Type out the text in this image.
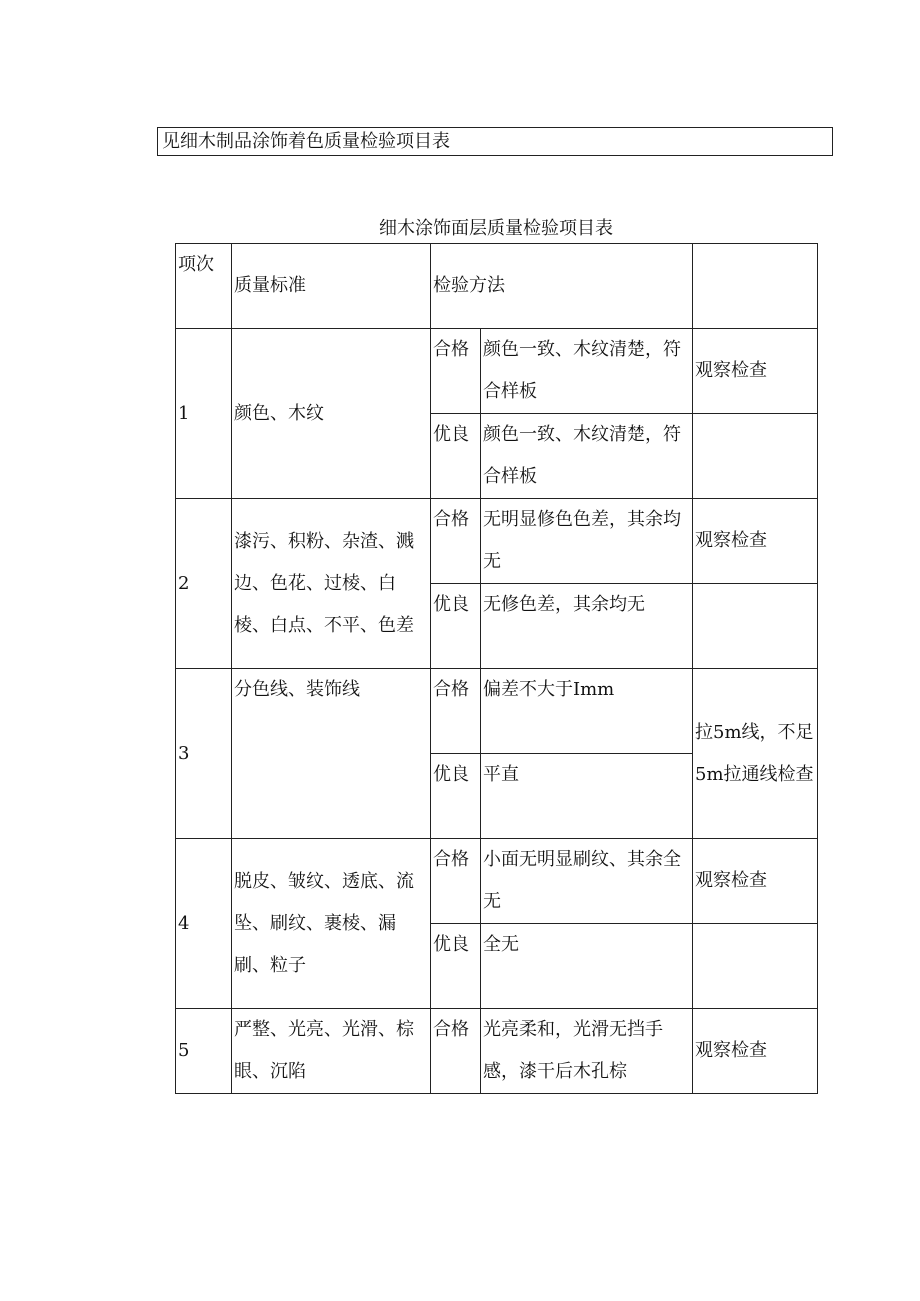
见细木制品涂饰着色质量检验项目表
细木涂饰面层质量检验项目表
项次	质量标准	检验方法		
1	颜色、木纹	合格	颜色一致、木纹清楚，符合样板	观察检查
		优良	颜色一致、木纹清楚，符合样板	
2	漆污、积粉、杂渣、溅边、色花、过棱、白棱、白点、不平、色差	合格	无明显修色色差，其余均无	观察检查
		优良	无修色差，其余均无	
3	分色线、装饰线	合格	偏差不大于Imm	拉5m线，不足5m拉通线检查
		优良	平直	
4	脱皮、皱纹、透底、流坠、刷纹、裹棱、漏刷、粒子	合格	小面无明显刷纹、其余全无	观察检查
		优良	全无	
5	严整、光亮、光滑、棕眼、沉陷	合格	光亮柔和，光滑无挡手感，漆干后木孔棕	观察检查
